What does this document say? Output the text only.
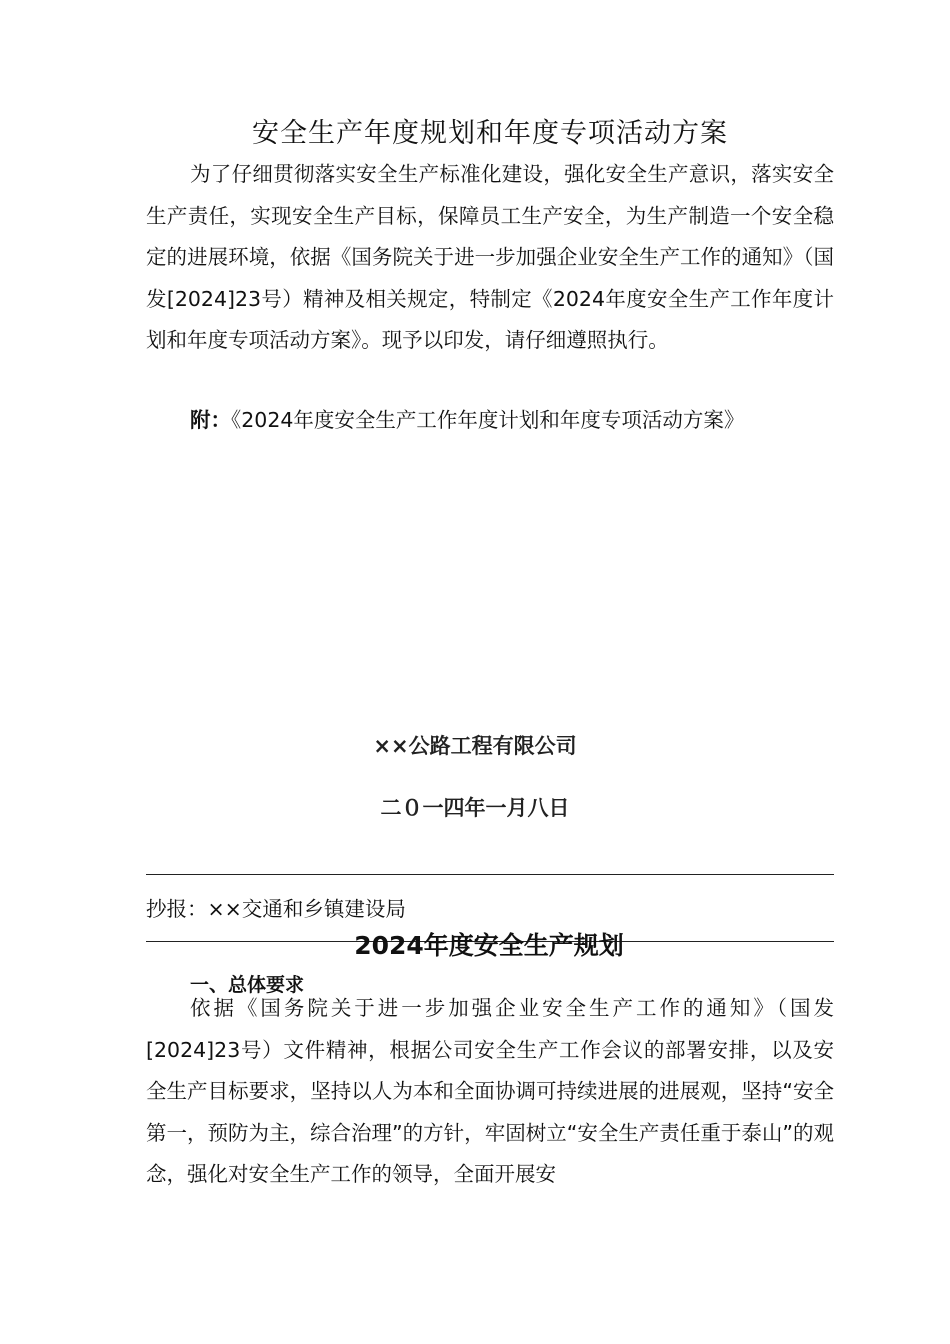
安全生产年度规划和年度专项活动方案

为了仔细贯彻落实安全生产标准化建设，强化安全生产意识，落实安全生产责任，实现安全生产目标，保障员工生产安全，为生产制造一个安全稳定的进展环境，依据《国务院关于进一步加强企业安全生产工作的通知》（国发[2024]23号）精神及相关规定，特制定《2024年度安全生产工作年度计划和年度专项活动方案》。现予以印发，请仔细遵照执行。

附：《2024年度安全生产工作年度计划和年度专项活动方案》
××公路工程有限公司
二０一四年一月八日
抄报：××交通和乡镇建设局
2024年度安全生产规划
一、总体要求

依据《国务院关于进一步加强企业安全生产工作的通知》（国发[2024]23号）文件精神，根据公司安全生产工作会议的部署安排，以及安全生产目标要求，坚持以人为本和全面协调可持续进展的进展观，坚持“安全第一，预防为主，综合治理”的方针，牢固树立“安全生产责任重于泰山”的观念，强化对安全生产工作的领导，全面开展安
